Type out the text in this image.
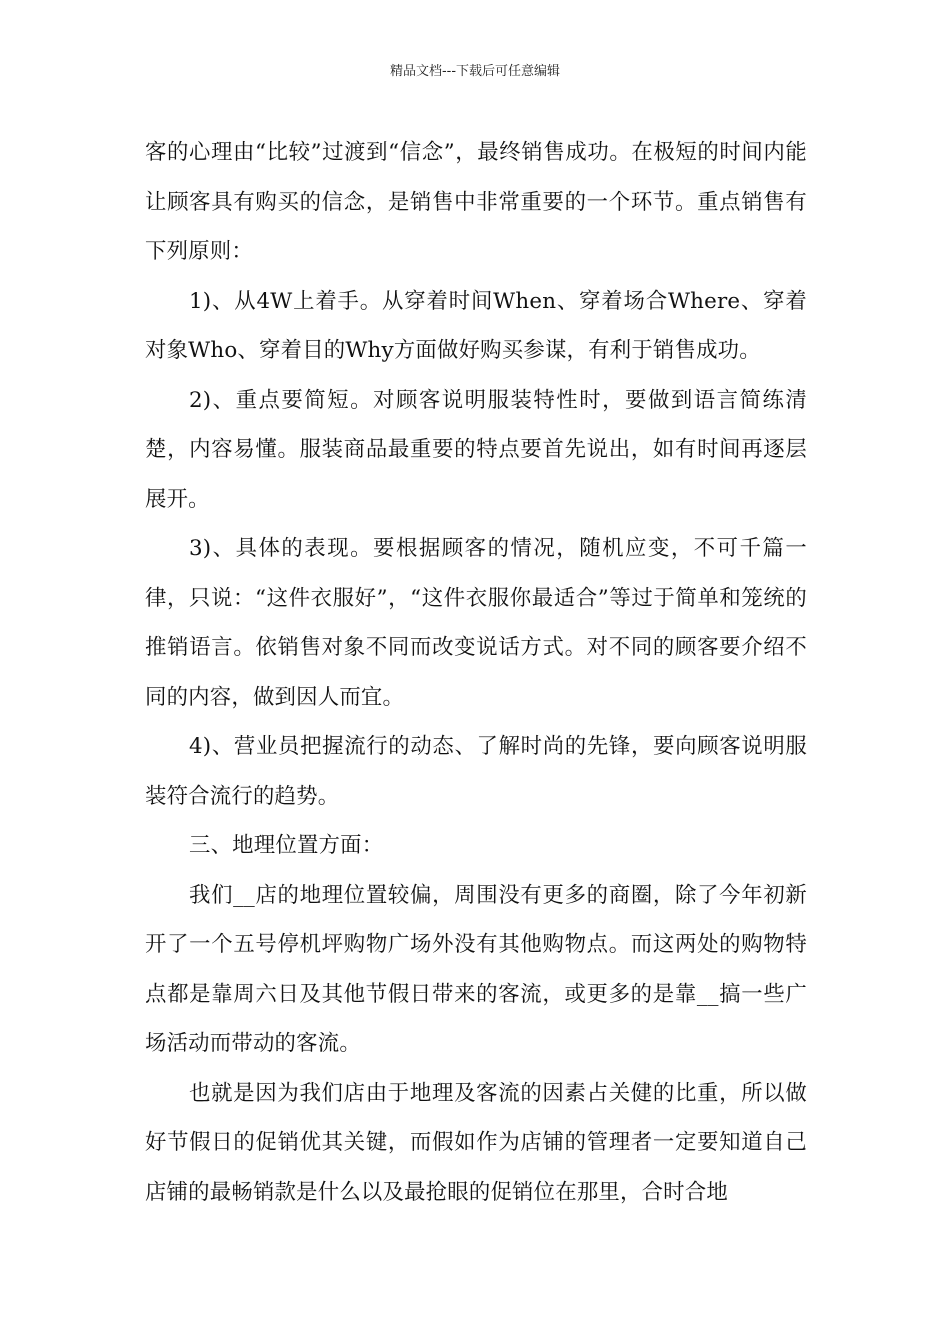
精品文档---下载后可任意编辑

客的心理由“比较”过渡到“信念”，最终销售成功。在极短的时间内能让顾客具有购买的信念，是销售中非常重要的一个环节。重点销售有下列原则：

1)、从4W上着手。从穿着时间When、穿着场合Where、穿着对象Who、穿着目的Why方面做好购买参谋，有利于销售成功。

2)、重点要简短。对顾客说明服装特性时，要做到语言简练清楚，内容易懂。服装商品最重要的特点要首先说出，如有时间再逐层展开。

3)、具体的表现。要根据顾客的情况，随机应变，不可千篇一律，只说：“这件衣服好”，“这件衣服你最适合”等过于简单和笼统的推销语言。依销售对象不同而改变说话方式。对不同的顾客要介绍不同的内容，做到因人而宜。

4)、营业员把握流行的动态、了解时尚的先锋，要向顾客说明服装符合流行的趋势。

三、地理位置方面：

我们__店的地理位置较偏，周围没有更多的商圈，除了今年初新开了一个五号停机坪购物广场外没有其他购物点。而这两处的购物特点都是靠周六日及其他节假日带来的客流，或更多的是靠__搞一些广场活动而带动的客流。

也就是因为我们店由于地理及客流的因素占关健的比重，所以做好节假日的促销优其关键，而假如作为店铺的管理者一定要知道自己店铺的最畅销款是什么以及最抢眼的促销位在那里，合时合地
